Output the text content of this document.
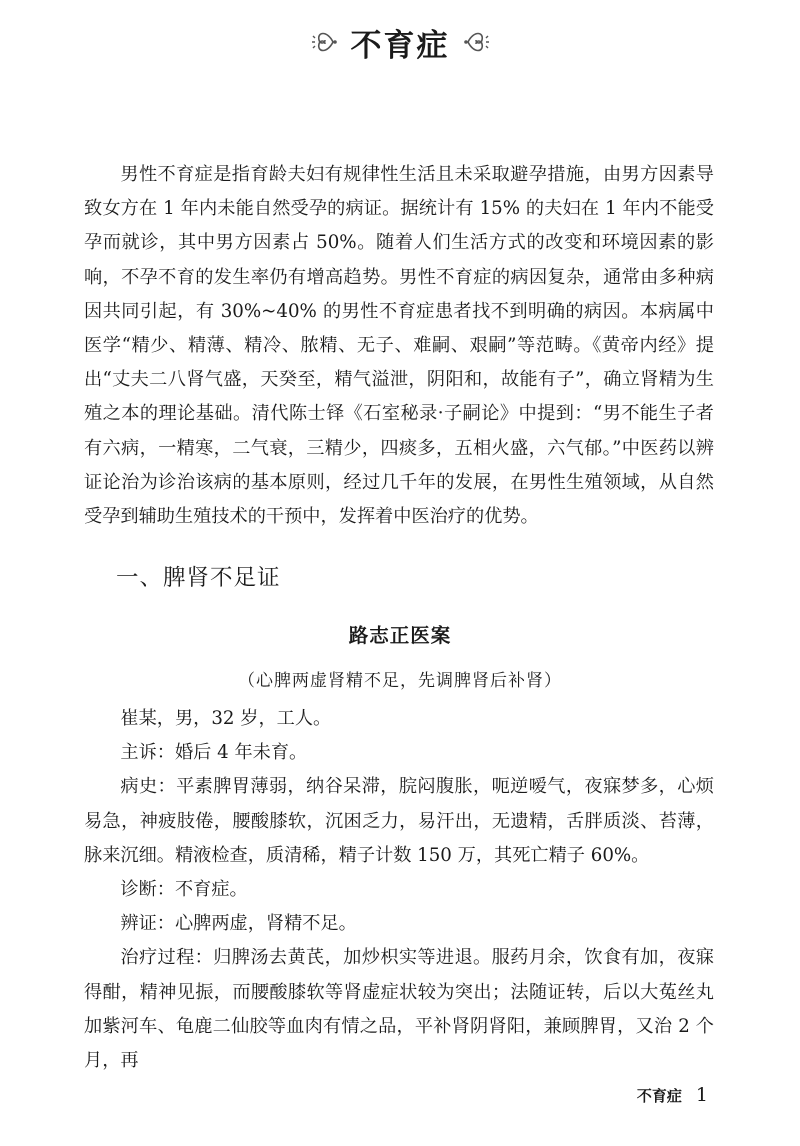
不育症

男性不育症是指育龄夫妇有规律性生活且未采取避孕措施，由男方因素导致女方在 1 年内未能自然受孕的病证。据统计有 15% 的夫妇在 1 年内不能受孕而就诊，其中男方因素占 50%。随着人们生活方式的改变和环境因素的影响，不孕不育的发生率仍有增高趋势。男性不育症的病因复杂，通常由多种病因共同引起，有 30%~40% 的男性不育症患者找不到明确的病因。本病属中医学“精少、精薄、精冷、脓精、无子、难嗣、艰嗣”等范畴。《黄帝内经》提出“丈夫二八肾气盛，天癸至，精气溢泄，阴阳和，故能有子”，确立肾精为生殖之本的理论基础。清代陈士铎《石室秘录·子嗣论》中提到：“男不能生子者有六病，一精寒，二气衰，三精少，四痰多，五相火盛，六气郁。”中医药以辨证论治为诊治该病的基本原则，经过几千年的发展，在男性生殖领域，从自然受孕到辅助生殖技术的干预中，发挥着中医治疗的优势。

一、脾肾不足证
路志正医案
（心脾两虚肾精不足，先调脾肾后补肾）

崔某，男，32 岁，工人。

主诉：婚后 4 年未育。

病史：平素脾胃薄弱，纳谷呆滞，脘闷腹胀，呃逆嗳气，夜寐梦多，心烦易急，神疲肢倦，腰酸膝软，沉困乏力，易汗出，无遗精，舌胖质淡、苔薄，脉来沉细。精液检查，质清稀，精子计数 150 万，其死亡精子 60%。

诊断：不育症。

辨证：心脾两虚，肾精不足。

治疗过程：归脾汤去黄芪，加炒枳实等进退。服药月余，饮食有加，夜寐得酣，精神见振，而腰酸膝软等肾虚症状较为突出；法随证转，后以大菟丝丸加紫河车、龟鹿二仙胶等血肉有情之品，平补肾阴肾阳，兼顾脾胃，又治 2 个月，再

不育症 1
